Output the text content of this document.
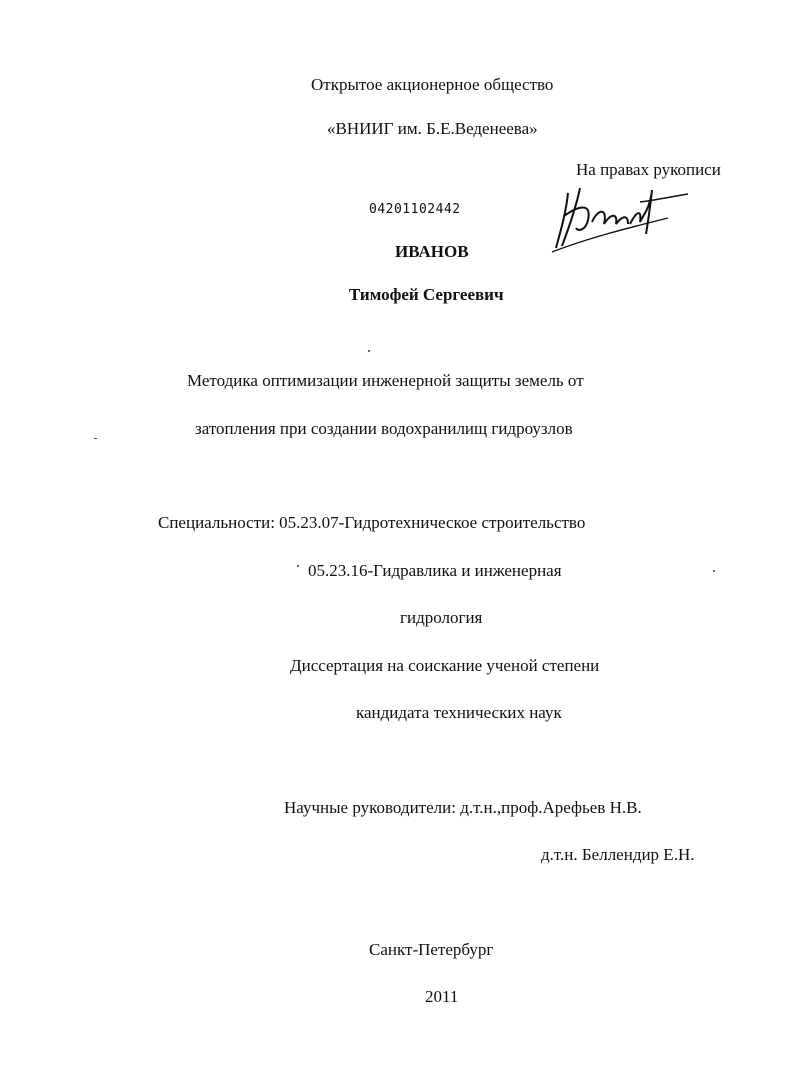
Открытое акционерное общество
«ВНИИГ им. Б.Е.Веденеева»
На правах рукописи
04201102442
ИВАНОВ
Тимофей Сергеевич
Методика оптимизации инженерной защиты земель от
затопления при создании водохранилищ гидроузлов
Специальности: 05.23.07-Гидротехническое строительство
05.23.16-Гидравлика и инженерная
гидрология
Диссертация на соискание ученой степени
кандидата технических наук
Научные руководители: д.т.н.,проф.Арефьев Н.В.
д.т.н. Беллендир Е.Н.
Санкт-Петербург
2011
